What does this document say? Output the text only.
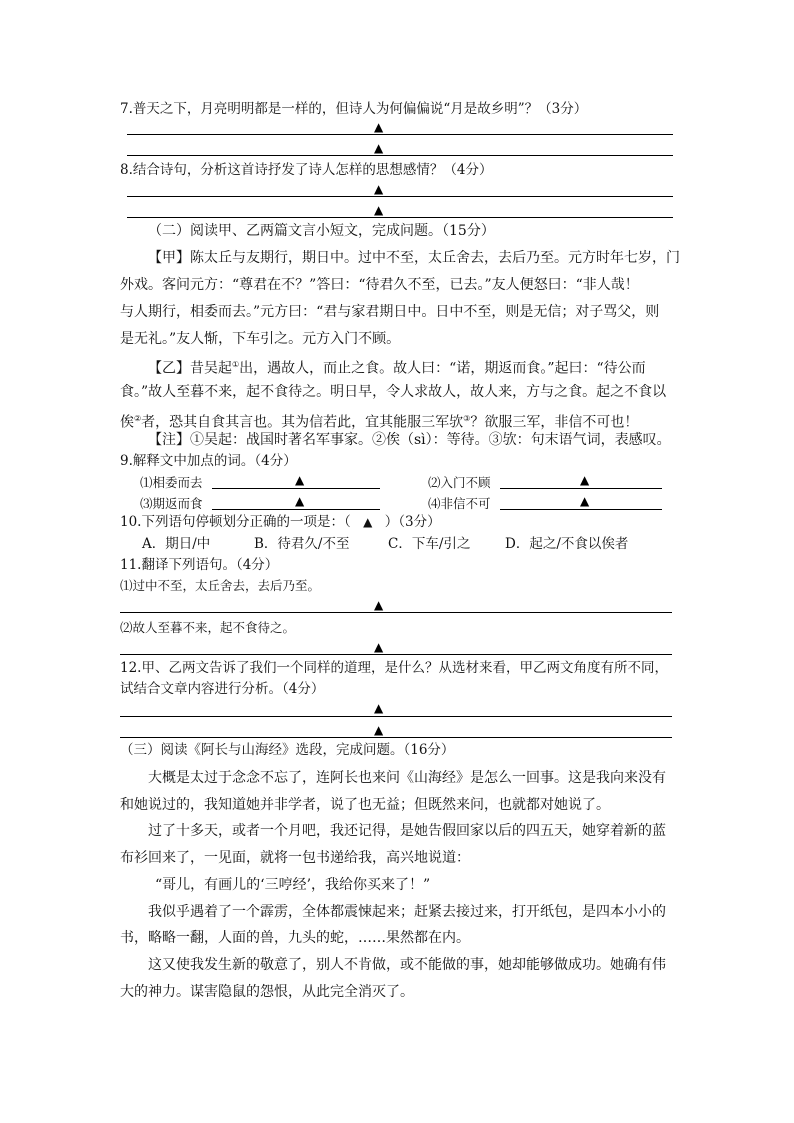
7.普天之下，月亮明明都是一样的，但诗人为何偏偏说“月是故乡明”？（3分）
▲
▲
8.结合诗句，分析这首诗抒发了诗人怎样的思想感情？（4分）
▲
▲
（二）阅读甲、乙两篇文言小短文，完成问题。（15分）
【甲】陈太丘与友期行，期日中。过中不至，太丘舍去，去后乃至。元方时年七岁，门
外戏。客问元方：“尊君在不？”答曰：“待君久不至，已去。”友人便怒曰：“非人哉！
与人期行，相委而去。”元方曰：“君与家君期日中。日中不至，则是无信；对子骂父，则
是无礼。”友人惭，下车引之。元方入门不顾。
【乙】昔吴起①出，遇故人，而止之食。故人曰：“诺，期返而食。”起曰：“待公而
食。”故人至暮不来，起不食待之。明日早，令人求故人，故人来，方与之食。起之不食以
俟②者，恐其自食其言也。其为信若此，宜其能服三军欤③？欲服三军，非信不可也！
【注】①吴起：战国时著名军事家。②俟（sì）：等待。③欤：句末语气词，表感叹。
9.解释文中加点的词。（4分）
⑴相委而去	▲	⑵入门不顾	▲
⑶期返而食	▲	⑷非信不可	▲
10.下列语句停顿划分正确的一项是：（ ▲ ）（3分）
A．期日/中	B．待君久/不至	C．下车/引之	D．起之/不食以俟者
11.翻译下列语句。（4分）
⑴过中不至，太丘舍去，去后乃至。
▲
⑵故人至暮不来，起不食待之。
▲
12.甲、乙两文告诉了我们一个同样的道理，是什么？从选材来看，甲乙两文角度有所不同，
试结合文章内容进行分析。（4分）
▲
▲
（三）阅读《阿长与山海经》选段，完成问题。（16分）
大概是太过于念念不忘了，连阿长也来问《山海经》是怎么一回事。这是我向来没有
和她说过的，我知道她并非学者，说了也无益；但既然来问，也就都对她说了。
过了十多天，或者一个月吧，我还记得，是她告假回家以后的四五天，她穿着新的蓝
布衫回来了，一见面，就将一包书递给我，高兴地说道：
“哥儿，有画儿的‘三哼经’，我给你买来了！”
我似乎遇着了一个霹雳，全体都震悚起来；赶紧去接过来，打开纸包，是四本小小的
书，略略一翻，人面的兽，九头的蛇，……果然都在内。
这又使我发生新的敬意了，别人不肯做，或不能做的事，她却能够做成功。她确有伟
大的神力。谋害隐鼠的怨恨，从此完全消灭了。
